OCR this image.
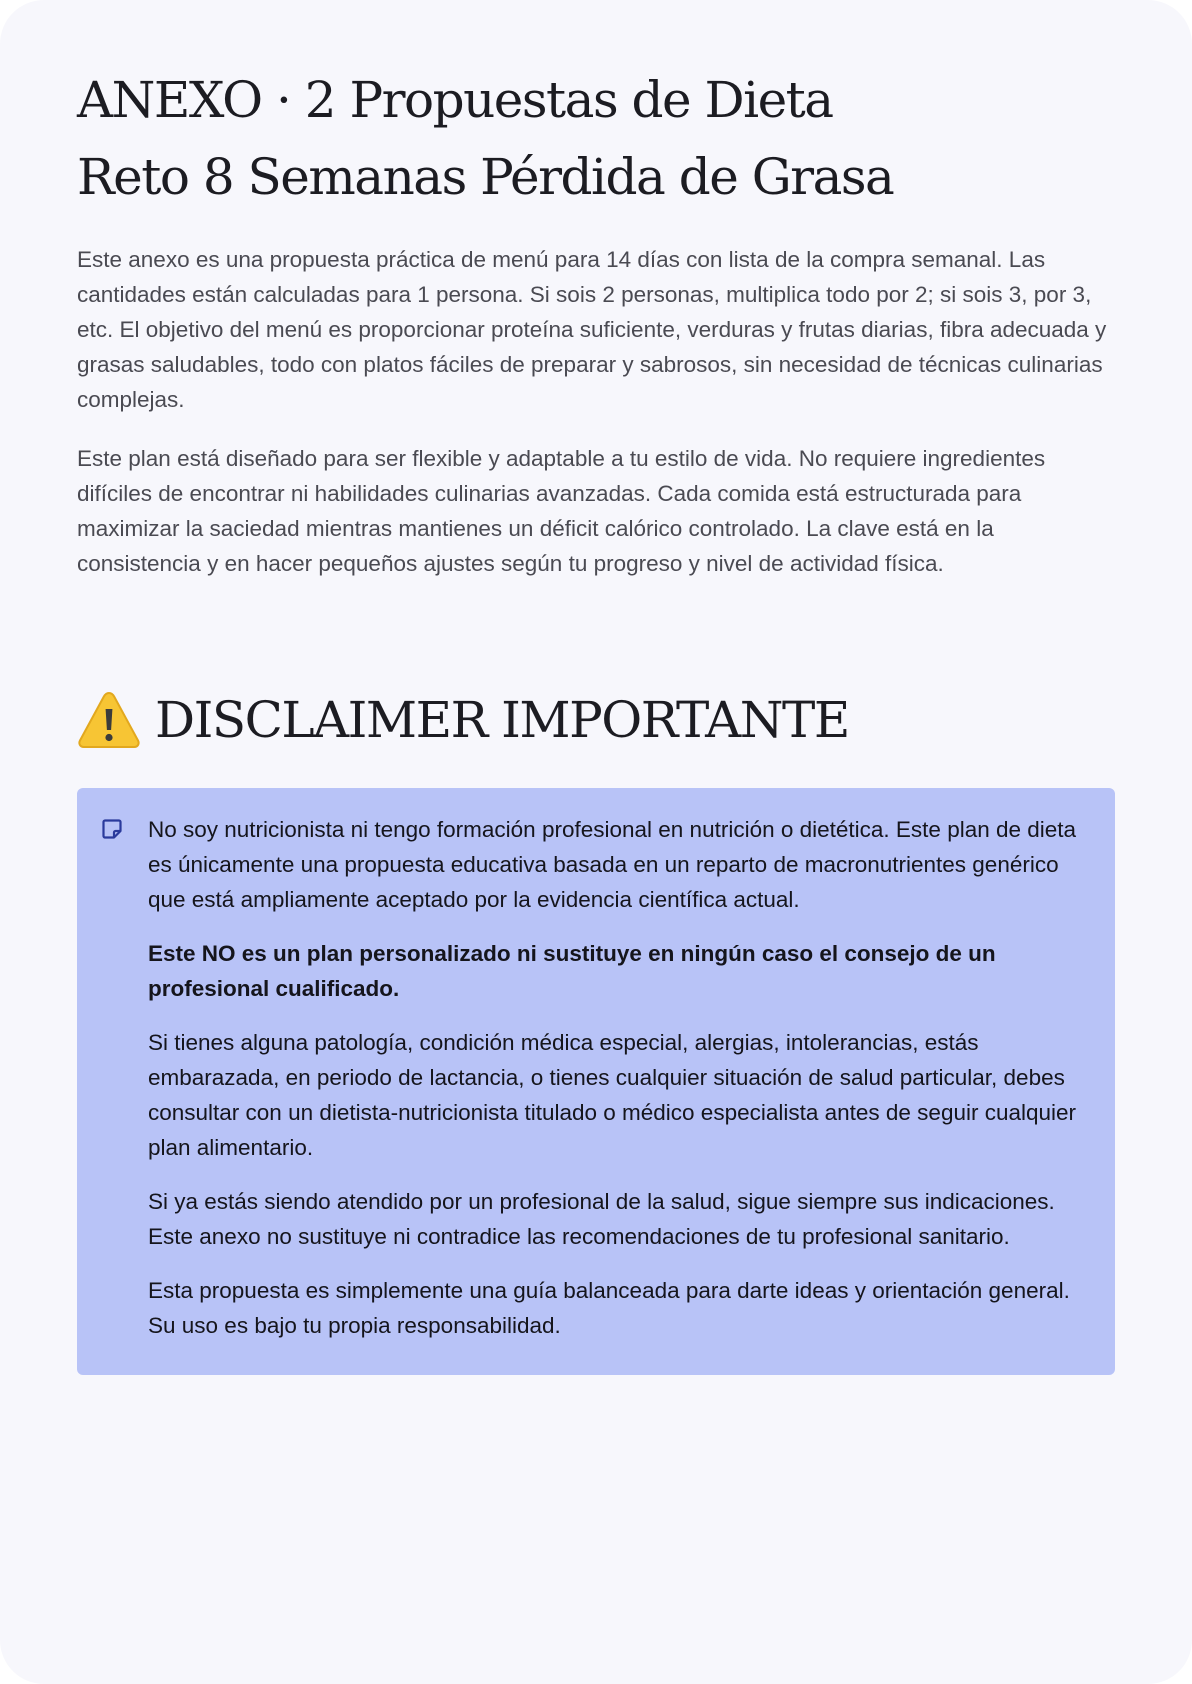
ANEXO · 2 Propuestas de Dieta
Reto 8 Semanas Pérdida de Grasa

Este anexo es una propuesta práctica de menú para 14 días con lista de la compra semanal. Las cantidades están calculadas para 1 persona. Si sois 2 personas, multiplica todo por 2; si sois 3, por 3, etc. El objetivo del menú es proporcionar proteína suficiente, verduras y frutas diarias, fibra adecuada y grasas saludables, todo con platos fáciles de preparar y sabrosos, sin necesidad de técnicas culinarias complejas.

Este plan está diseñado para ser flexible y adaptable a tu estilo de vida. No requiere ingredientes difíciles de encontrar ni habilidades culinarias avanzadas. Cada comida está estructurada para maximizar la saciedad mientras mantienes un déficit calórico controlado. La clave está en la consistencia y en hacer pequeños ajustes según tu progreso y nivel de actividad física.

DISCLAIMER IMPORTANTE

No soy nutricionista ni tengo formación profesional en nutrición o dietética. Este plan de dieta es únicamente una propuesta educativa basada en un reparto de macronutrientes genérico que está ampliamente aceptado por la evidencia científica actual.

Este NO es un plan personalizado ni sustituye en ningún caso el consejo de un profesional cualificado.

Si tienes alguna patología, condición médica especial, alergias, intolerancias, estás embarazada, en periodo de lactancia, o tienes cualquier situación de salud particular, debes consultar con un dietista-nutricionista titulado o médico especialista antes de seguir cualquier plan alimentario.

Si ya estás siendo atendido por un profesional de la salud, sigue siempre sus indicaciones. Este anexo no sustituye ni contradice las recomendaciones de tu profesional sanitario.

Esta propuesta es simplemente una guía balanceada para darte ideas y orientación general. Su uso es bajo tu propia responsabilidad.
